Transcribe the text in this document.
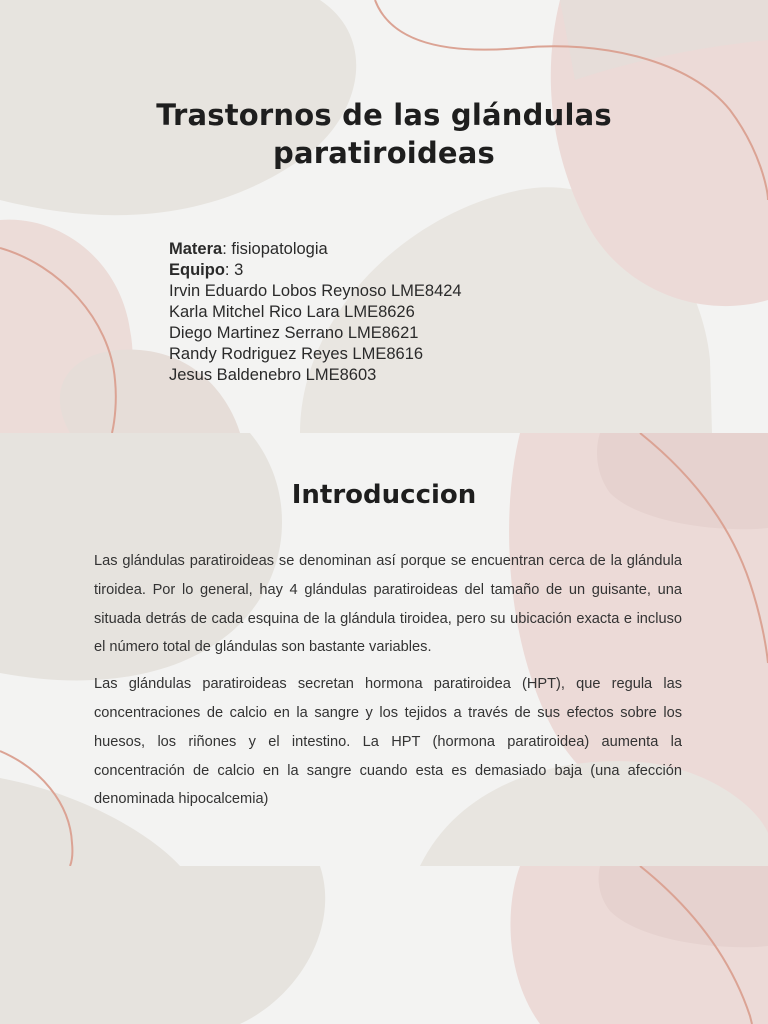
Trastornos de las glándulas
paratiroideas
Matera: fisiopatologia
Equipo: 3
Irvin Eduardo Lobos Reynoso LME8424
Karla Mitchel Rico Lara LME8626
Diego Martinez Serrano LME8621
Randy Rodriguez Reyes LME8616
Jesus Baldenebro LME8603
Introduccion

Las glándulas paratiroideas se denominan así porque se encuentran cerca de la glándula tiroidea. Por lo general, hay 4 glándulas paratiroideas del tamaño de un guisante, una situada detrás de cada esquina de la glándula tiroidea, pero su ubicación exacta e incluso el número total de glándulas son bastante variables.

Las glándulas paratiroideas secretan hormona paratiroidea (HPT), que regula las concentraciones de calcio en la sangre y los tejidos a través de sus efectos sobre los huesos, los riñones y el intestino. La HPT (hormona paratiroidea) aumenta la concentración de calcio en la sangre cuando esta es demasiado baja (una afección denominada hipocalcemia)
